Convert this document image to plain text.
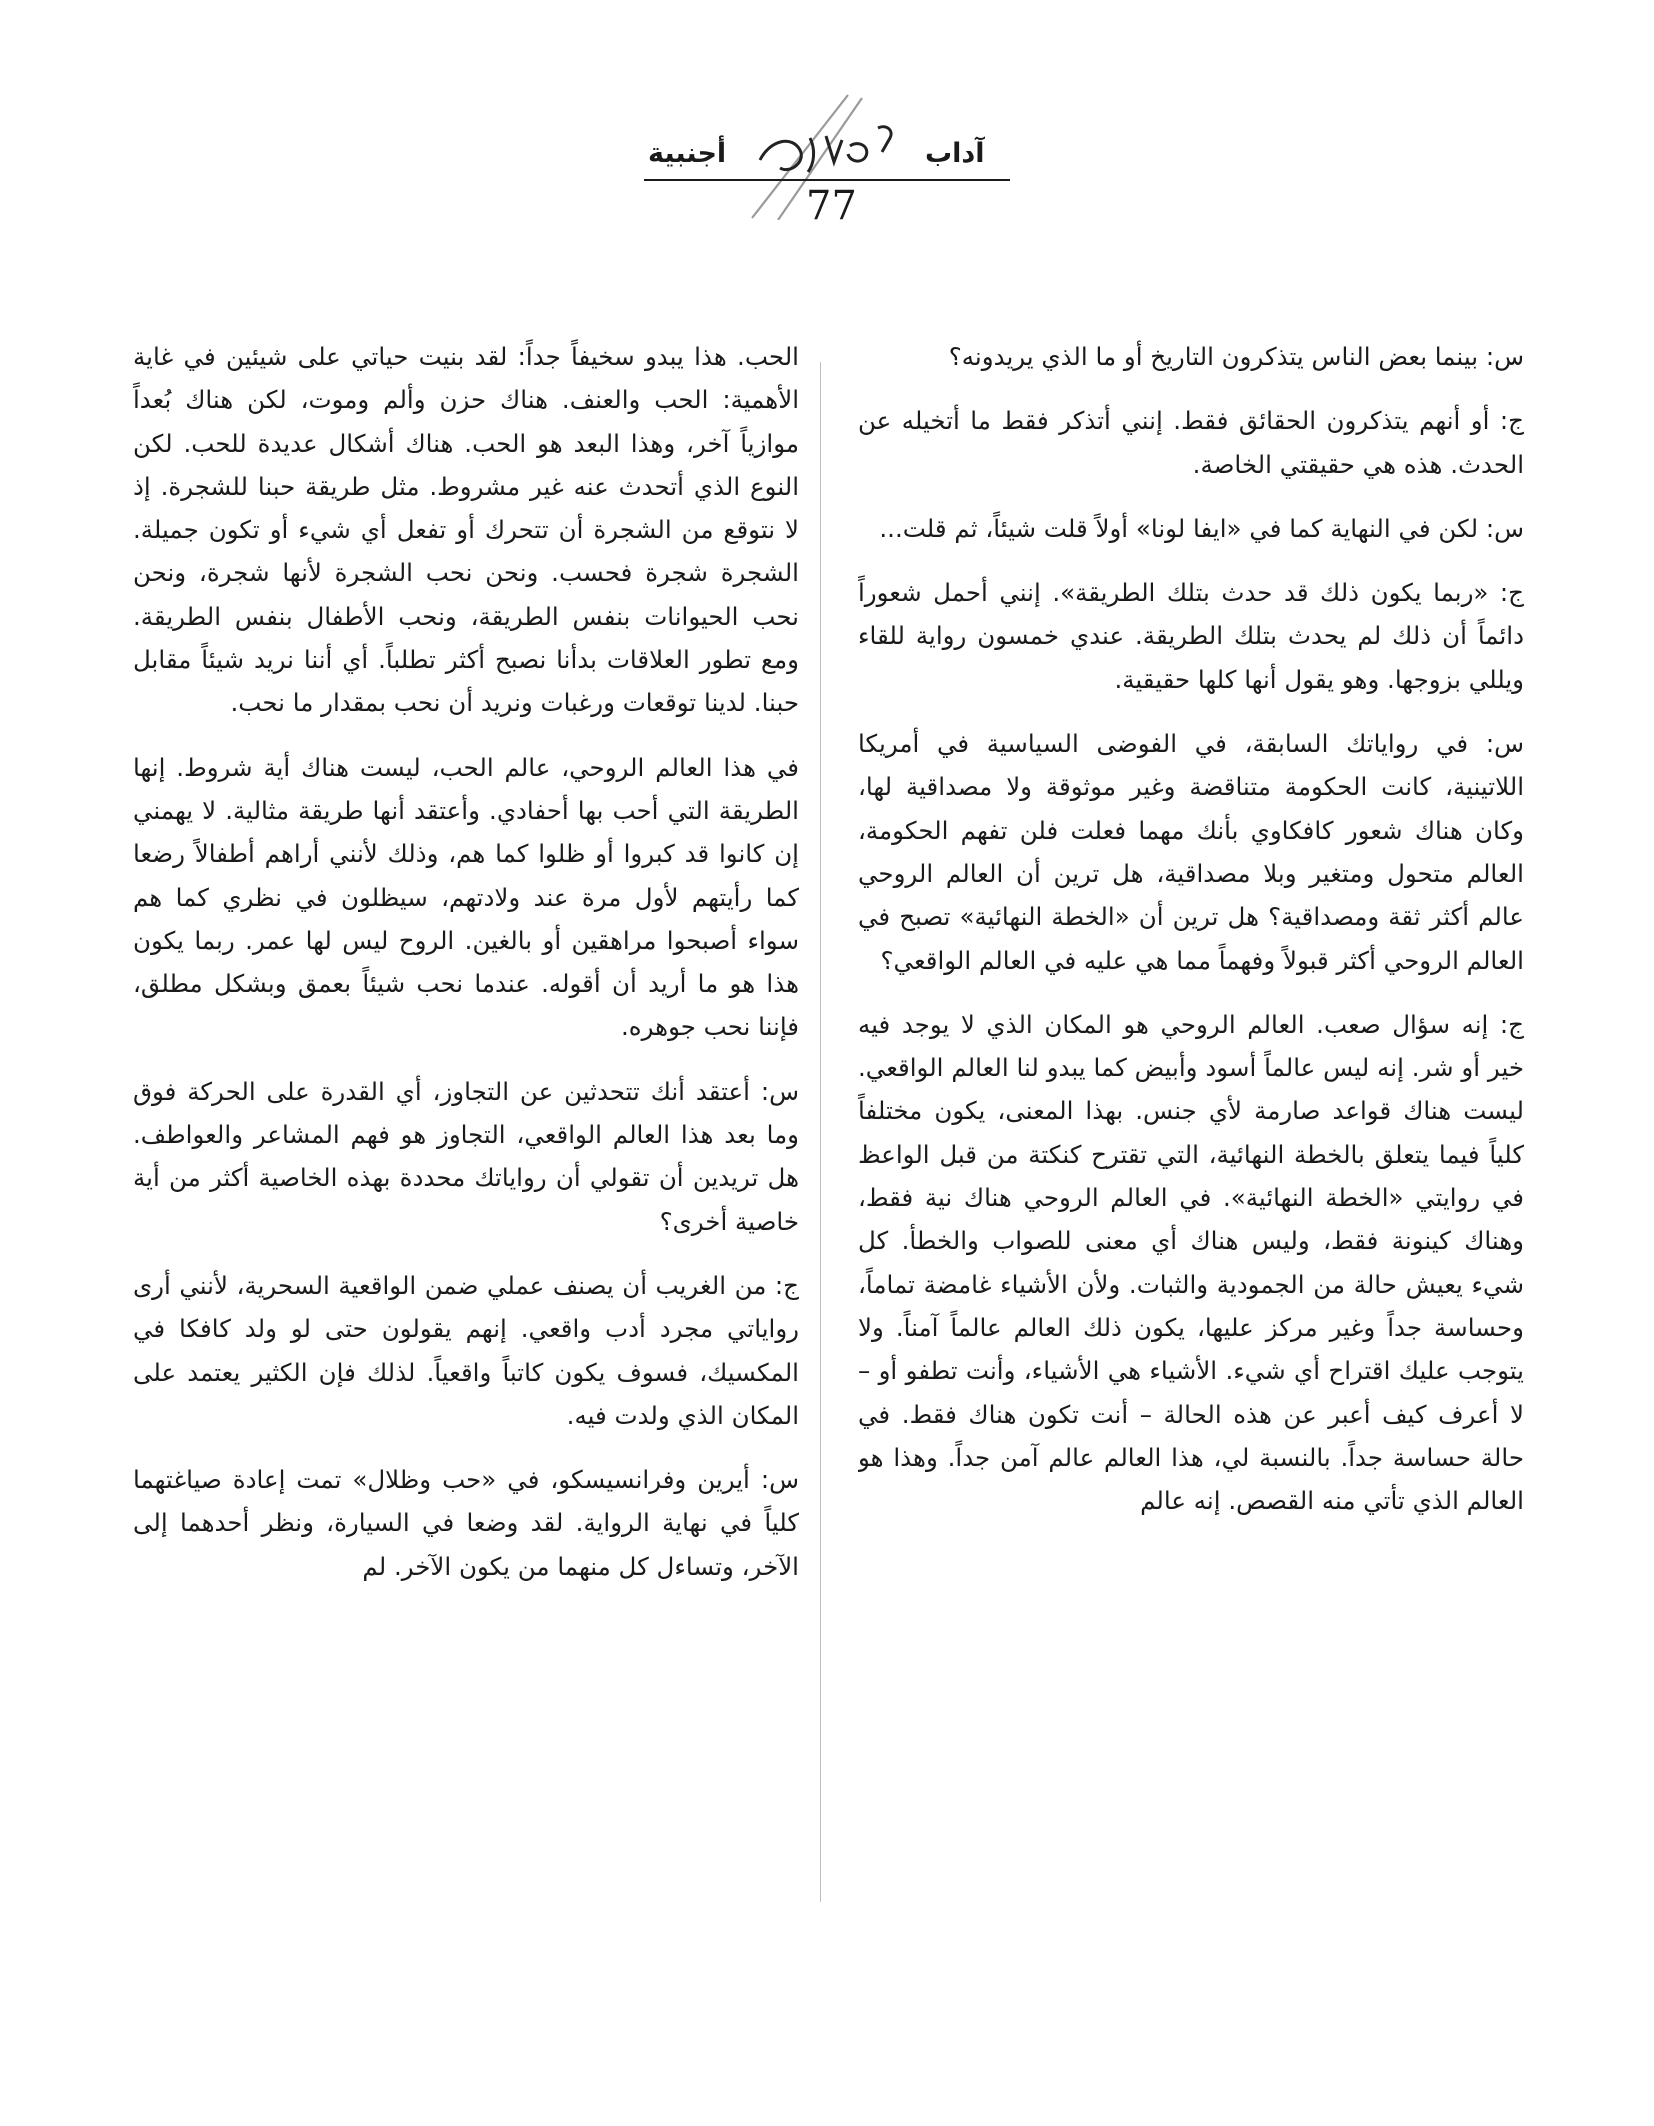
آداب
أجنبية
77

س: بينما بعض الناس يتذكرون التاريخ أو ما الذي يريدونه؟

ج: أو أنهم يتذكرون الحقائق فقط. إنني أتذكر فقط ما أتخيله عن الحدث. هذه هي حقيقتي الخاصة.

س: لكن في النهاية كما في «ايفا لونا» أولاً قلت شيئاً، ثم قلت...

ج: «ربما يكون ذلك قد حدث بتلك الطريقة». إنني أحمل شعوراً دائماً أن ذلك لم يحدث بتلك الطريقة. عندي خمسون رواية للقاء ويللي بزوجها. وهو يقول أنها كلها حقيقية.

س: في رواياتك السابقة، في الفوضى السياسية في أمريكا اللاتينية، كانت الحكومة متناقضة وغير موثوقة ولا مصداقية لها، وكان هناك شعور كافكاوي بأنك مهما فعلت فلن تفهم الحكومة، العالم متحول ومتغير وبلا مصداقية، هل ترين أن العالم الروحي عالم أكثر ثقة ومصداقية؟ هل ترين أن «الخطة النهائية» تصبح في العالم الروحي أكثر قبولاً وفهماً مما هي عليه في العالم الواقعي؟

ج: إنه سؤال صعب. العالم الروحي هو المكان الذي لا يوجد فيه خير أو شر. إنه ليس عالماً أسود وأبيض كما يبدو لنا العالم الواقعي. ليست هناك قواعد صارمة لأي جنس. بهذا المعنى، يكون مختلفاً كلياً فيما يتعلق بالخطة النهائية، التي تقترح كنكتة من قبل الواعظ في روايتي «الخطة النهائية». في العالم الروحي هناك نية فقط، وهناك كينونة فقط، وليس هناك أي معنى للصواب والخطأ. كل شيء يعيش حالة من الجمودية والثبات. ولأن الأشياء غامضة تماماً، وحساسة جداً وغير مركز عليها، يكون ذلك العالم عالماً آمناً. ولا يتوجب عليك اقتراح أي شيء. الأشياء هي الأشياء، وأنت تطفو أو – لا أعرف كيف أعبر عن هذه الحالة – أنت تكون هناك فقط. في حالة حساسة جداً. بالنسبة لي، هذا العالم عالم آمن جداً. وهذا هو العالم الذي تأتي منه القصص. إنه عالم

الحب. هذا يبدو سخيفاً جداً: لقد بنيت حياتي على شيئين في غاية الأهمية: الحب والعنف. هناك حزن وألم وموت، لكن هناك بُعداً موازياً آخر، وهذا البعد هو الحب. هناك أشكال عديدة للحب. لكن النوع الذي أتحدث عنه غير مشروط. مثل طريقة حبنا للشجرة. إذ لا نتوقع من الشجرة أن تتحرك أو تفعل أي شيء أو تكون جميلة. الشجرة شجرة فحسب. ونحن نحب الشجرة لأنها شجرة، ونحن نحب الحيوانات بنفس الطريقة، ونحب الأطفال بنفس الطريقة. ومع تطور العلاقات بدأنا نصبح أكثر تطلباً. أي أننا نريد شيئاً مقابل حبنا. لدينا توقعات ورغبات ونريد أن نحب بمقدار ما نحب.

في هذا العالم الروحي، عالم الحب، ليست هناك أية شروط. إنها الطريقة التي أحب بها أحفادي. وأعتقد أنها طريقة مثالية. لا يهمني إن كانوا قد كبروا أو ظلوا كما هم، وذلك لأنني أراهم أطفالاً رضعا كما رأيتهم لأول مرة عند ولادتهم، سيظلون في نظري كما هم سواء أصبحوا مراهقين أو بالغين. الروح ليس لها عمر. ربما يكون هذا هو ما أريد أن أقوله. عندما نحب شيئاً بعمق وبشكل مطلق، فإننا نحب جوهره.

س: أعتقد أنك تتحدثين عن التجاوز، أي القدرة على الحركة فوق وما بعد هذا العالم الواقعي، التجاوز هو فهم المشاعر والعواطف. هل تريدين أن تقولي أن رواياتك محددة بهذه الخاصية أكثر من أية خاصية أخرى؟

ج: من الغريب أن يصنف عملي ضمن الواقعية السحرية، لأنني أرى رواياتي مجرد أدب واقعي. إنهم يقولون حتى لو ولد كافكا في المكسيك، فسوف يكون كاتباً واقعياً. لذلك فإن الكثير يعتمد على المكان الذي ولدت فيه.

س: أيرين وفرانسيسكو، في «حب وظلال» تمت إعادة صياغتهما كلياً في نهاية الرواية. لقد وضعا في السيارة، ونظر أحدهما إلى الآخر، وتساءل كل منهما من يكون الآخر. لم
